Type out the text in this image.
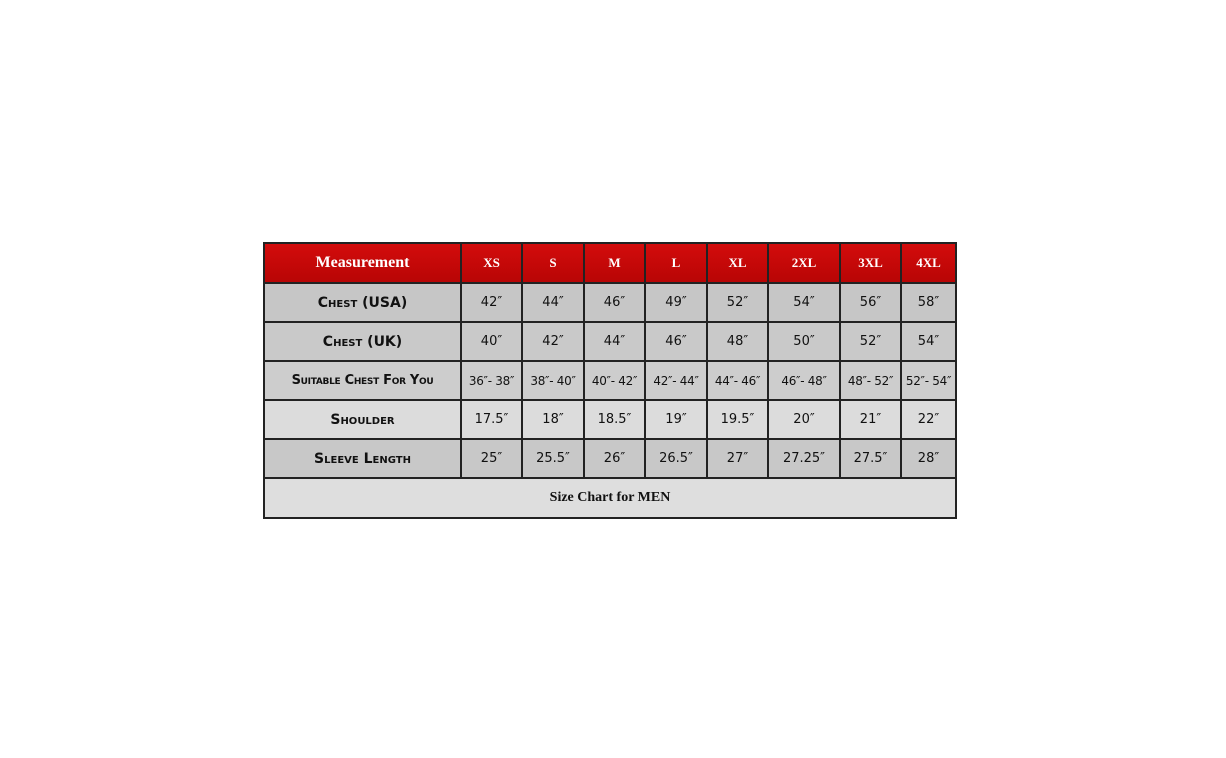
Measurement	XS	S	M	L	XL	2XL	3XL	4XL
Chest (USA)	42″	44″	46″	49″	52″	54″	56″	58″
Chest (UK)	40″	42″	44″	46″	48″	50″	52″	54″
Suitable Chest For You	36″- 38″	38″- 40″	40″- 42″	42″- 44″	44″- 46″	46″- 48″	48″- 52″	52″- 54″
Shoulder	17.5″	18″	18.5″	19″	19.5″	20″	21″	22″
Sleeve Length	25″	25.5″	26″	26.5″	27″	27.25″	27.5″	28″
Size Chart for MEN								
